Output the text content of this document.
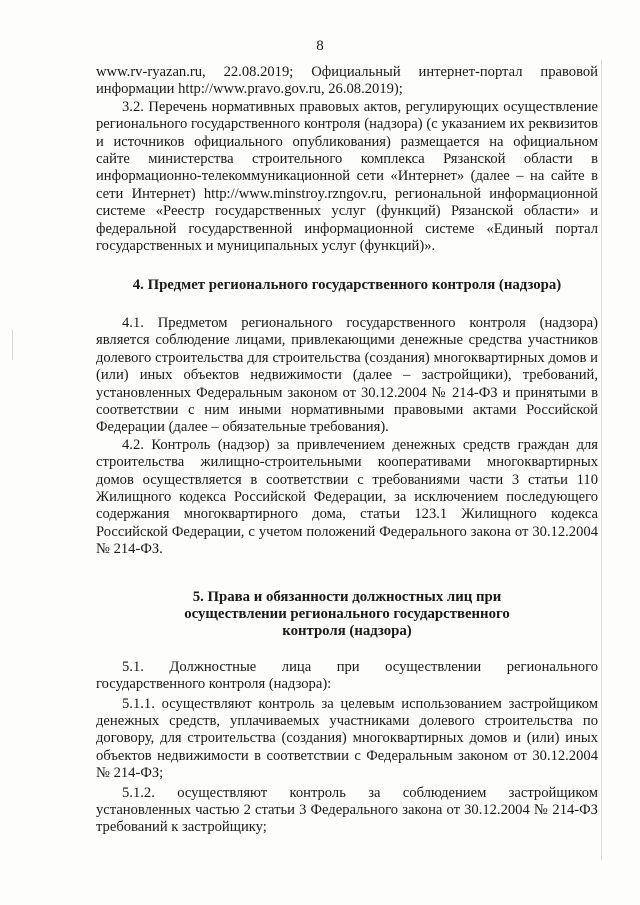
8

www.rv-ryazan.ru, 22.08.2019; Официальный интернет-портал правовой информации http://www.pravo.gov.ru, 26.08.2019);

3.2. Перечень нормативных правовых актов, регулирующих осуществление регионального государственного контроля (надзора) (с указанием их реквизитов и источников официального опубликования) размещается на официальном сайте министерства строительного комплекса Рязанской области в информационно-телекоммуникационной сети «Интернет» (далее – на сайте в сети Интернет) http://www.minstroy.rzngov.ru, региональной информационной системе «Реестр государственных услуг (функций) Рязанской области» и федеральной государственной информационной системе «Единый портал государственных и муниципальных услуг (функций)».

4. Предмет регионального государственного контроля (надзора)

4.1. Предметом регионального государственного контроля (надзора) является соблюдение лицами, привлекающими денежные средства участников долевого строительства для строительства (создания) многоквартирных домов и (или) иных объектов недвижимости (далее – застройщики), требований, установленных Федеральным законом от 30.12.2004 № 214-ФЗ и принятыми в соответствии с ним иными нормативными правовыми актами Российской Федерации (далее – обязательные требования).

4.2. Контроль (надзор) за привлечением денежных средств граждан для строительства жилищно-строительными кооперативами многоквартирных домов осуществляется в соответствии с требованиями части 3 статьи 110 Жилищного кодекса Российской Федерации, за исключением последующего содержания многоквартирного дома, статьи 123.1 Жилищного кодекса Российской Федерации, с учетом положений Федерального закона от 30.12.2004 № 214-ФЗ.

5. Права и обязанности должностных лиц при
осуществлении регионального государственного
контроля (надзора)

5.1. Должностные лица при осуществлении регионального государственного контроля (надзора):

5.1.1. осуществляют контроль за целевым использованием застройщиком денежных средств, уплачиваемых участниками долевого строительства по договору, для строительства (создания) многоквартирных домов и (или) иных объектов недвижимости в соответствии с Федеральным законом от 30.12.2004 № 214-ФЗ;

5.1.2. осуществляют контроль за соблюдением застройщиком установленных частью 2 статьи 3 Федерального закона от 30.12.2004 № 214-ФЗ требований к застройщику;
